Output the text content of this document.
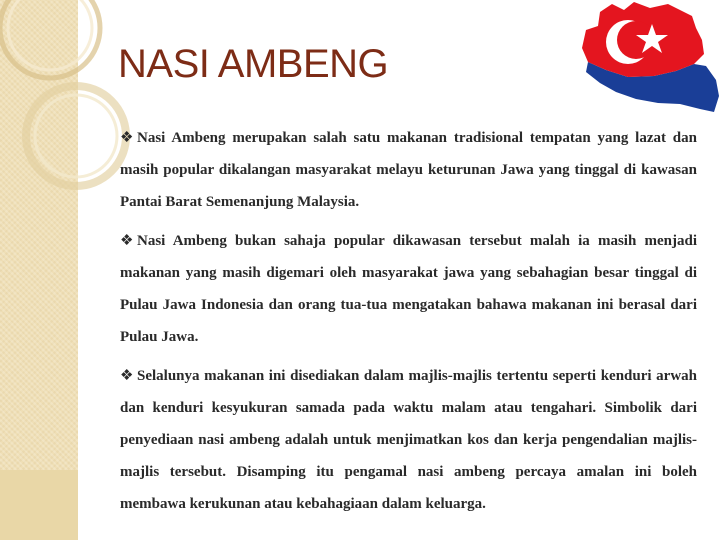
NASI AMBENG

❖ Nasi Ambeng merupakan salah satu makanan tradisional tempatan yang lazat dan masih popular dikalangan masyarakat melayu keturunan Jawa yang tinggal di kawasan Pantai Barat Semenanjung Malaysia.

❖ Nasi Ambeng bukan sahaja popular dikawasan tersebut malah ia masih menjadi makanan yang masih digemari oleh masyarakat jawa yang sebahagian besar tinggal di Pulau Jawa Indonesia dan orang tua-tua mengatakan bahawa makanan ini berasal dari Pulau Jawa.

❖ Selalunya makanan ini disediakan dalam majlis-majlis tertentu seperti kenduri arwah dan kenduri kesyukuran samada pada waktu malam atau tengahari. Simbolik dari penyediaan nasi ambeng adalah untuk menjimatkan kos dan kerja pengendalian majlis-majlis tersebut. Disamping itu pengamal nasi ambeng percaya amalan ini boleh membawa kerukunan atau kebahagiaan dalam keluarga.
